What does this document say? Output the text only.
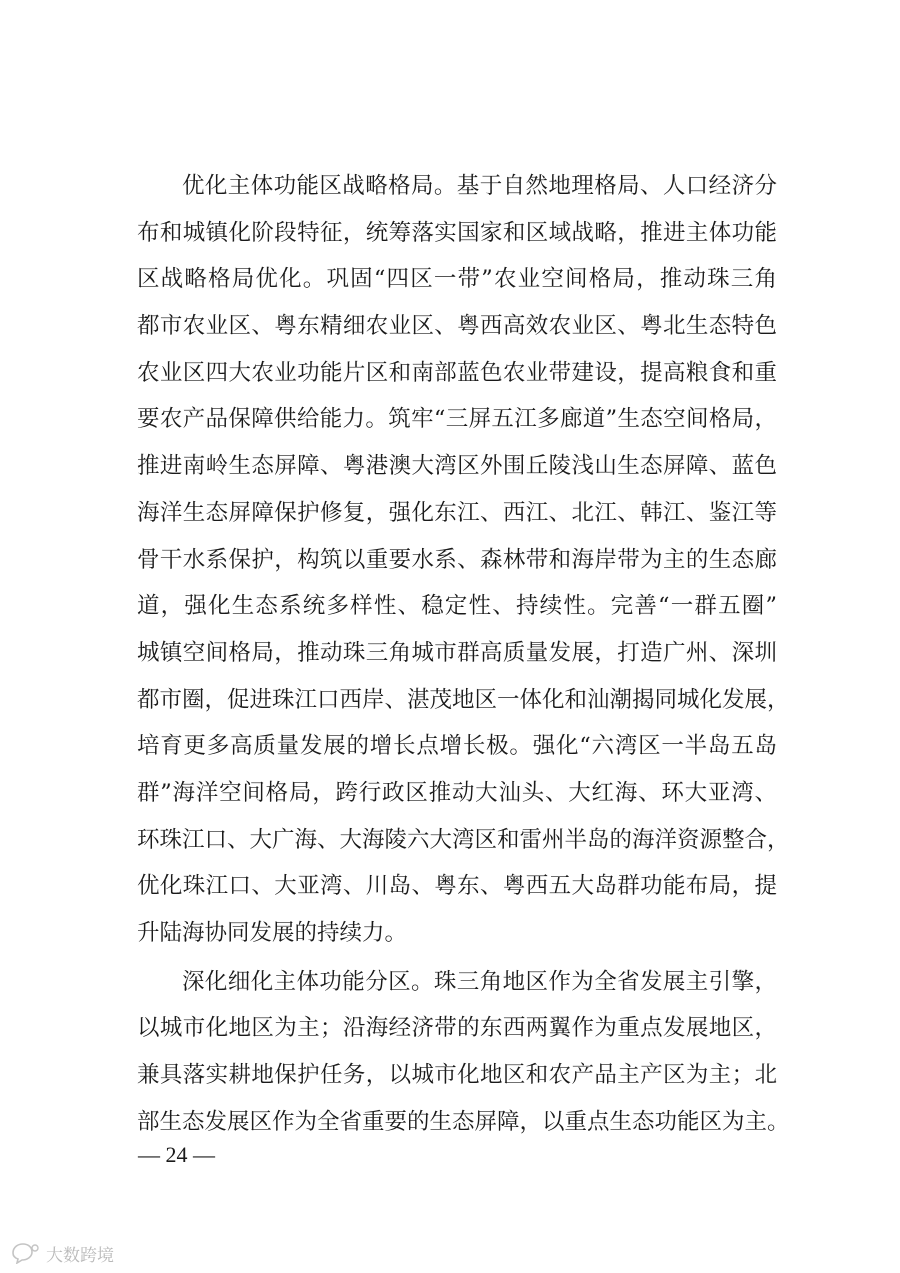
优化主体功能区战略格局。基于自然地理格局、人口经济分
布和城镇化阶段特征，统筹落实国家和区域战略，推进主体功能
区战略格局优化。巩固“四区一带”农业空间格局，推动珠三角
都市农业区、粤东精细农业区、粤西高效农业区、粤北生态特色
农业区四大农业功能片区和南部蓝色农业带建设，提高粮食和重
要农产品保障供给能力。筑牢“三屏五江多廊道”生态空间格局，
推进南岭生态屏障、粤港澳大湾区外围丘陵浅山生态屏障、蓝色
海洋生态屏障保护修复，强化东江、西江、北江、韩江、鉴江等
骨干水系保护，构筑以重要水系、森林带和海岸带为主的生态廊
道，强化生态系统多样性、稳定性、持续性。完善“一群五圈”
城镇空间格局，推动珠三角城市群高质量发展，打造广州、深圳
都市圈，促进珠江口西岸、湛茂地区一体化和汕潮揭同城化发展，
培育更多高质量发展的增长点增长极。强化“六湾区一半岛五岛
群”海洋空间格局，跨行政区推动大汕头、大红海、环大亚湾、
环珠江口、大广海、大海陵六大湾区和雷州半岛的海洋资源整合，
优化珠江口、大亚湾、川岛、粤东、粤西五大岛群功能布局，提
升陆海协同发展的持续力。
深化细化主体功能分区。珠三角地区作为全省发展主引擎，
以城市化地区为主；沿海经济带的东西两翼作为重点发展地区，
兼具落实耕地保护任务，以城市化地区和农产品主产区为主；北
部生态发展区作为全省重要的生态屏障，以重点生态功能区为主。
— 24 —
大数跨境
